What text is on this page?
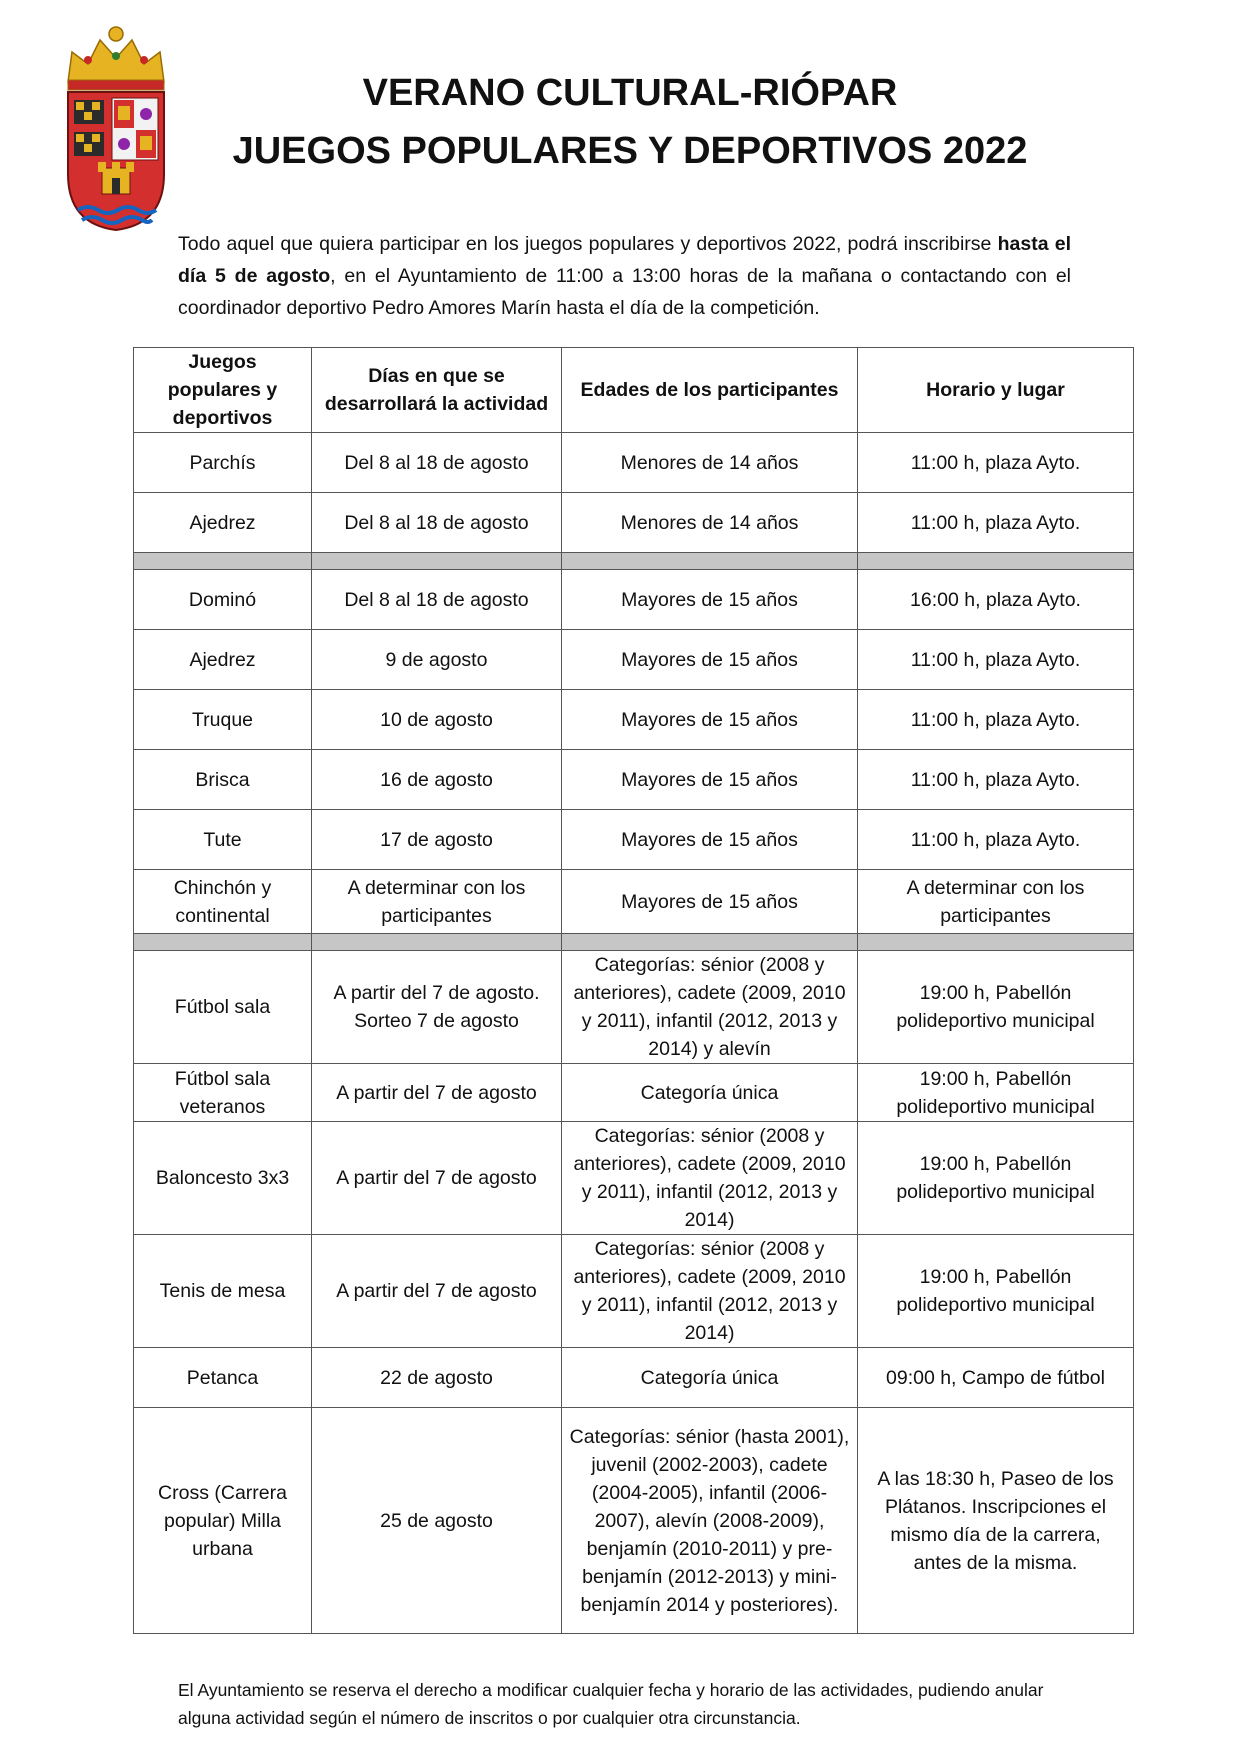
VERANO CULTURAL-RIÓPAR
JUEGOS POPULARES Y DEPORTIVOS 2022
Todo aquel que quiera participar en los juegos populares y deportivos 2022, podrá inscribirse hasta el día 5 de agosto, en el Ayuntamiento de 11:00 a 13:00 horas de la mañana o contactando con el coordinador deportivo Pedro Amores Marín hasta el día de la competición.
Juegos populares y deportivos	Días en que se desarrollará la actividad	Edades de los participantes	Horario y lugar
Parchís	Del 8 al 18 de agosto	Menores de 14 años	11:00 h, plaza Ayto.
Ajedrez	Del 8 al 18 de agosto	Menores de 14 años	11:00 h, plaza Ayto.

Dominó	Del 8 al 18 de agosto	Mayores de 15 años	16:00 h, plaza Ayto.
Ajedrez	9 de agosto	Mayores de 15 años	11:00 h, plaza Ayto.
Truque	10 de agosto	Mayores de 15 años	11:00 h, plaza Ayto.
Brisca	16 de agosto	Mayores de 15 años	11:00 h, plaza Ayto.
Tute	17 de agosto	Mayores de 15 años	11:00 h, plaza Ayto.
Chinchón y continental	A determinar con los participantes	Mayores de 15 años	A determinar con los participantes

Fútbol sala	A partir del 7 de agosto. Sorteo 7 de agosto	Categorías: sénior (2008 y anteriores), cadete (2009, 2010 y 2011), infantil (2012, 2013 y 2014) y alevín	19:00 h, Pabellón polideportivo municipal
Fútbol sala veteranos	A partir del 7 de agosto	Categoría única	19:00 h, Pabellón polideportivo municipal
Baloncesto 3x3	A partir del 7 de agosto	Categorías: sénior (2008 y anteriores), cadete (2009, 2010 y 2011), infantil (2012, 2013 y 2014)	19:00 h, Pabellón polideportivo municipal
Tenis de mesa	A partir del 7 de agosto	Categorías: sénior (2008 y anteriores), cadete (2009, 2010 y 2011), infantil (2012, 2013 y 2014)	19:00 h, Pabellón polideportivo municipal
Petanca	22 de agosto	Categoría única	09:00 h, Campo de fútbol
Cross (Carrera popular) Milla urbana	25 de agosto	Categorías: sénior (hasta 2001), juvenil (2002-2003), cadete (2004-2005), infantil (2006-2007), alevín (2008-2009), benjamín (2010-2011) y pre-benjamín (2012-2013) y mini-benjamín 2014 y posteriores).	A las 18:30 h, Paseo de los Plátanos. Inscripciones el mismo día de la carrera, antes de la misma.
El Ayuntamiento se reserva el derecho a modificar cualquier fecha y horario de las actividades, pudiendo anular alguna actividad según el número de inscritos o por cualquier otra circunstancia.
